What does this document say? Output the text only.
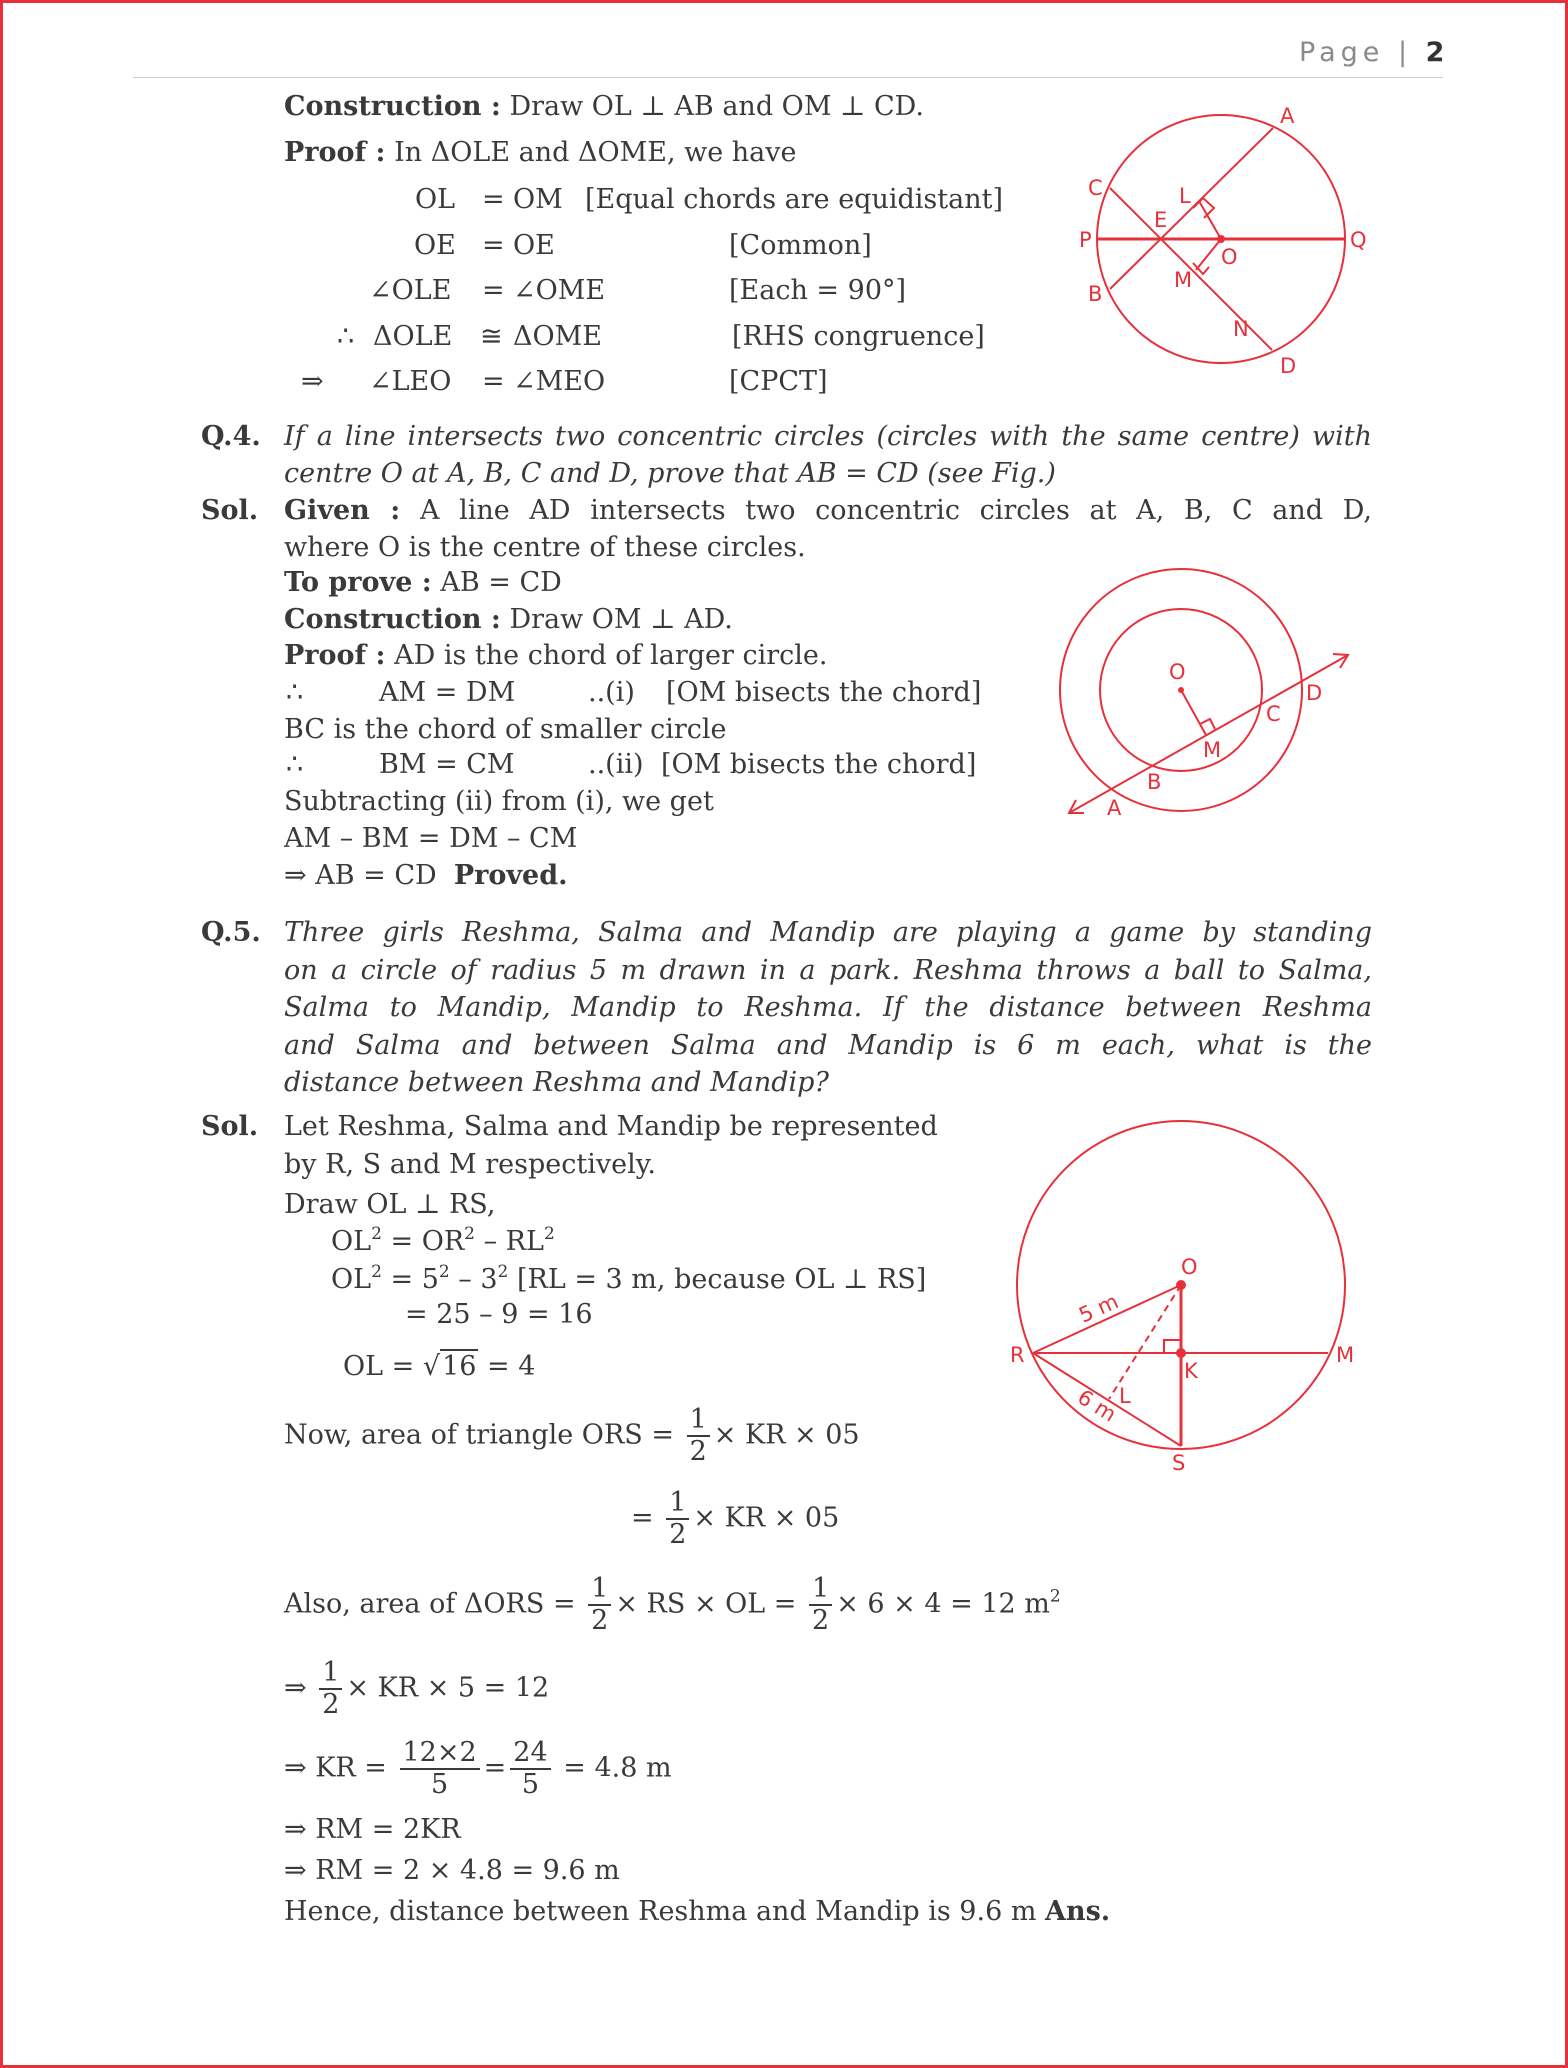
Page | 2
Construction : Draw OL ⊥ AB and OM ⊥ CD.
Proof : In ΔOLE and ΔOME, we have
OL = OM [Equal chords are equidistant]
OE = OE	[Common]
∠OLE = ∠OME	[Each = 90°]
∴ ΔOLE ≅ ΔOME	[RHS congruence]
⇒ ∠LEO = ∠MEO	[CPCT]
A
B
C
D
P	Q
E
L
M
O
N
Q.4. If a line intersects two concentric circles (circles with the same centre) with
centre O at A, B, C and D, prove that AB = CD (see Fig.)
Sol. Given : A line AD intersects two concentric circles at A, B, C and D,
where O is the centre of these circles.
To prove : AB = CD
Construction : Draw OM ⊥ AD.
Proof : AD is the chord of larger circle.
∴	AM = DM	..(i) [OM bisects the chord]
BC is the chord of smaller circle
∴	BM = CM	..(ii) [OM bisects the chord]
Subtracting (ii) from (i), we get
AM – BM = DM – CM
⇒ AB = CD Proved.
A
B
C
D
O
M
Q.5. Three girls Reshma, Salma and Mandip are playing a game by standing
on a circle of radius 5 m drawn in a park. Reshma throws a ball to Salma,
Salma to Mandip, Mandip to Reshma. If the distance between Reshma
and Salma and between Salma and Mandip is 6 m each, what is the
distance between Reshma and Mandip?
Sol. Let Reshma, Salma and Mandip be represented
by R, S and M respectively.
Draw OL ⊥ RS,
$OL^2 = OR^2 - RL^2$
$OL^2 = 5^2 - 3^2$ [RL = 3 m, because OL ⊥ RS]
= 25 – 9 = 16
OL = √16 = 4
Now, area of triangle ORS = $\frac{1}{2}$ × KR × 05
= $\frac{1}{2}$ × KR × 05
Also, area of $\Delta ORS = \frac{1}{2}$ × RS × OL = $\frac{1}{2} \times 6 \times 4 = 12$ $m^2$
⇒ $\frac{1}{2}$ × KR × 5 = 12
⇒ KR = $\frac{12\times 2}{5} = \frac{24}{5} = 4.8$ m
⇒ RM = 2KR
⇒ RM = 2 × 4.8 = 9.6 m
Hence, distance between Reshma and Mandip is 9.6 m Ans.
O
R	M
K
S
L
5 m
6 m
